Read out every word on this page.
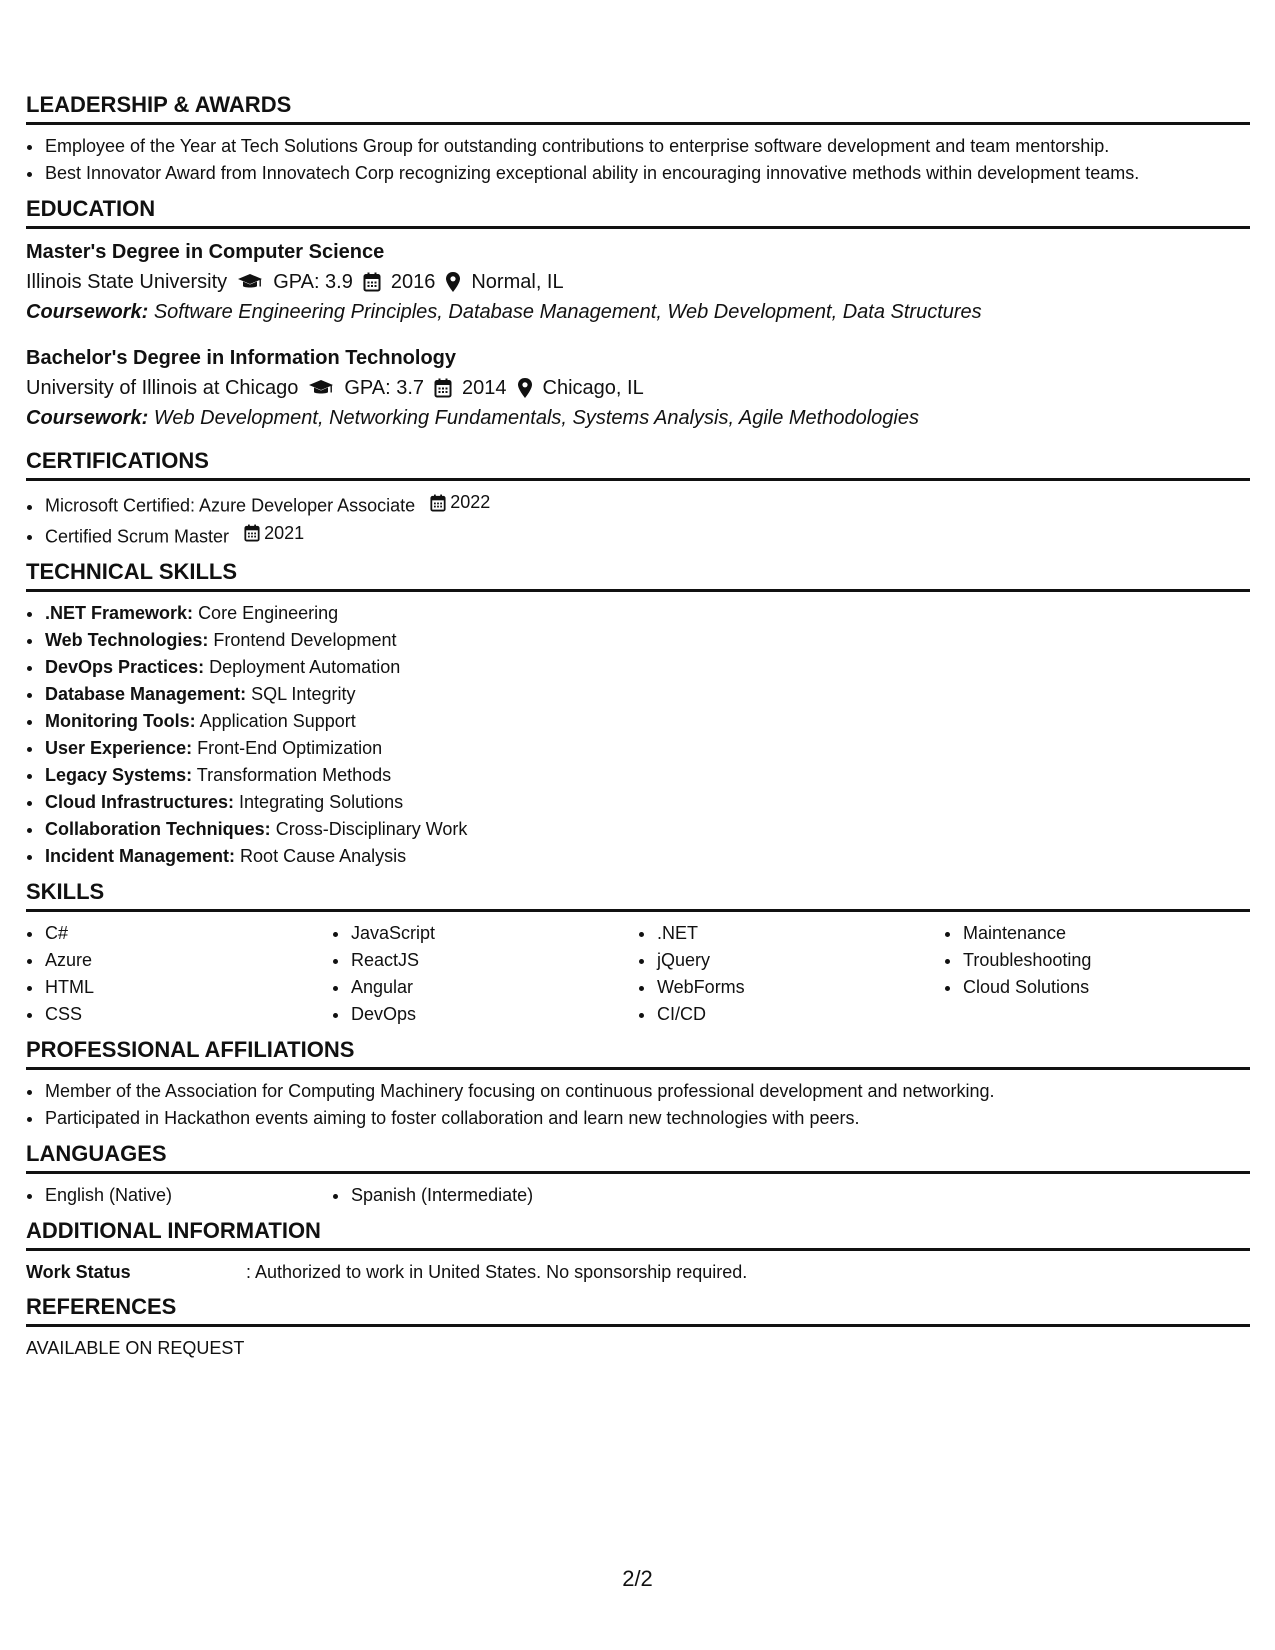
LEADERSHIP & AWARDS
• Employee of the Year at Tech Solutions Group for outstanding contributions to enterprise software development and team mentorship.
• Best Innovator Award from Innovatech Corp recognizing exceptional ability in encouraging innovative methods within development teams.
EDUCATION
Master's Degree in Computer Science
Illinois State University GPA: 3.9 2016 Normal, IL
Coursework: Software Engineering Principles, Database Management, Web Development, Data Structures
Bachelor's Degree in Information Technology
University of Illinois at Chicago GPA: 3.7 2014 Chicago, IL
Coursework: Web Development, Networking Fundamentals, Systems Analysis, Agile Methodologies
CERTIFICATIONS
• Microsoft Certified: Azure Developer Associate 2022
• Certified Scrum Master 2021
TECHNICAL SKILLS
• .NET Framework: Core Engineering
• Web Technologies: Frontend Development
• DevOps Practices: Deployment Automation
• Database Management: SQL Integrity
• Monitoring Tools: Application Support
• User Experience: Front-End Optimization
• Legacy Systems: Transformation Methods
• Cloud Infrastructures: Integrating Solutions
• Collaboration Techniques: Cross-Disciplinary Work
• Incident Management: Root Cause Analysis
SKILLS
• C#
• Azure
• HTML
• CSS
• JavaScript
• ReactJS
• Angular
• DevOps
• .NET
• jQuery
• WebForms
• CI/CD
• Maintenance
• Troubleshooting
• Cloud Solutions
PROFESSIONAL AFFILIATIONS
• Member of the Association for Computing Machinery focusing on continuous professional development and networking.
• Participated in Hackathon events aiming to foster collaboration and learn new technologies with peers.
LANGUAGES
• English (Native)
•	Spanish (Intermediate)
ADDITIONAL INFORMATION
Work Status	: Authorized to work in United States. No sponsorship required.
REFERENCES
AVAILABLE ON REQUEST
2/2
